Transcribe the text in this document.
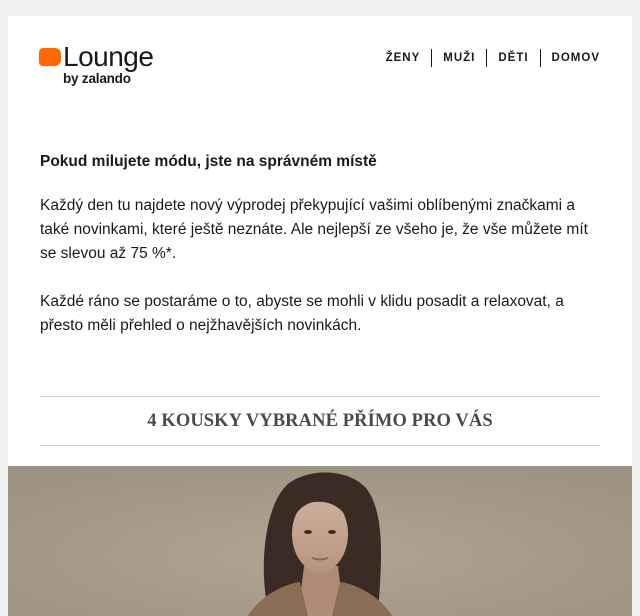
Lounge
by zalando
ŽENY	MUŽI	DĚTI	DOMOV

Pokud milujete módu, jste na správném místě

Každý den tu najdete nový výprodej překypující vašimi oblíbenými značkami a také novinkami, které ještě neznáte. Ale nejlepší ze všeho je, že vše můžete mít se slevou až 75 %*.

Každé ráno se postaráme o to, abyste se mohli v klidu posadit a relaxovat, a přesto měli přehled o nejžhavějších novinkách.

4 KOUSKY VYBRANÉ PŘÍMO PRO VÁS
